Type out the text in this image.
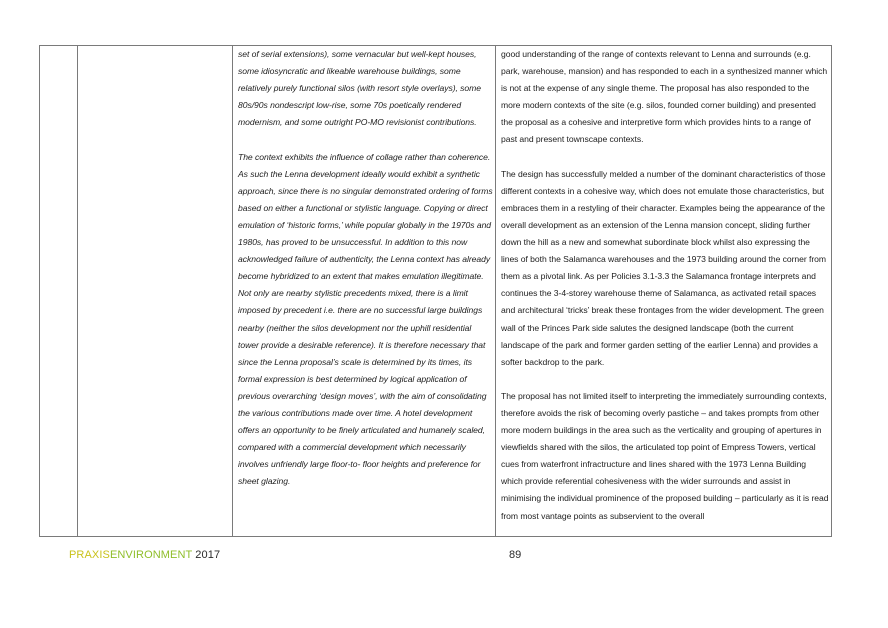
set of serial extensions), some vernacular but well-kept houses, some idiosyncratic and likeable warehouse buildings, some relatively purely functional silos (with resort style overlays), some 80s/90s nondescript low-rise, some 70s poetically rendered modernism, and some outright PO-MO revisionist contributions.

The context exhibits the influence of collage rather than coherence. As such the Lenna development ideally would exhibit a synthetic approach, since there is no singular demonstrated ordering of forms based on either a functional or stylistic language. Copying or direct emulation of ‘historic forms,’ while popular globally in the 1970s and 1980s, has proved to be unsuccessful. In addition to this now acknowledged failure of authenticity, the Lenna context has already become hybridized to an extent that makes emulation illegitimate. Not only are nearby stylistic precedents mixed, there is a limit imposed by precedent i.e. there are no successful large buildings nearby (neither the silos development nor the uphill residential tower provide a desirable reference). It is therefore necessary that since the Lenna proposal’s scale is determined by its times, its formal expression is best determined by logical application of previous overarching ‘design moves’, with the aim of consolidating the various contributions made over time. A hotel development offers an opportunity to be finely articulated and humanely scaled, compared with a commercial development which necessarily involves unfriendly large floor-to- floor heights and preference for sheet glazing.

good understanding of the range of contexts relevant to Lenna and surrounds (e.g. park, warehouse, mansion) and has responded to each in a synthesized manner which is not at the expense of any single theme. The proposal has also responded to the more modern contexts of the site (e.g. silos, founded corner building) and presented the proposal as a cohesive and interpretive form which provides hints to a range of past and present townscape contexts.

The design has successfully melded a number of the dominant characteristics of those different contexts in a cohesive way, which does not emulate those characteristics, but embraces them in a restyling of their character. Examples being the appearance of the overall development as an extension of the Lenna mansion concept, sliding further down the hill as a new and somewhat subordinate block whilst also expressing the lines of both the Salamanca warehouses and the 1973 building around the corner from them as a pivotal link. As per Policies 3.1-3.3 the Salamanca frontage interprets and continues the 3-4-storey warehouse theme of Salamanca, as activated retail spaces and architectural ‘tricks’ break these frontages from the wider development. The green wall of the Princes Park side salutes the designed landscape (both the current landscape of the park and former garden setting of the earlier Lenna) and provides a softer backdrop to the park.

The proposal has not limited itself to interpreting the immediately surrounding contexts, therefore avoids the risk of becoming overly pastiche – and takes prompts from other more modern buildings in the area such as the verticality and grouping of apertures in viewfields shared with the silos, the articulated top point of Empress Towers, vertical cues from waterfront infractructure and lines shared with the 1973 Lenna Building which provide referential cohesiveness with the wider surrounds and assist in minimising the individual prominence of the proposed building – particularly as it is read from most vantage points as subservient to the overall

PRAXISENVIRONMENT 2017	89
